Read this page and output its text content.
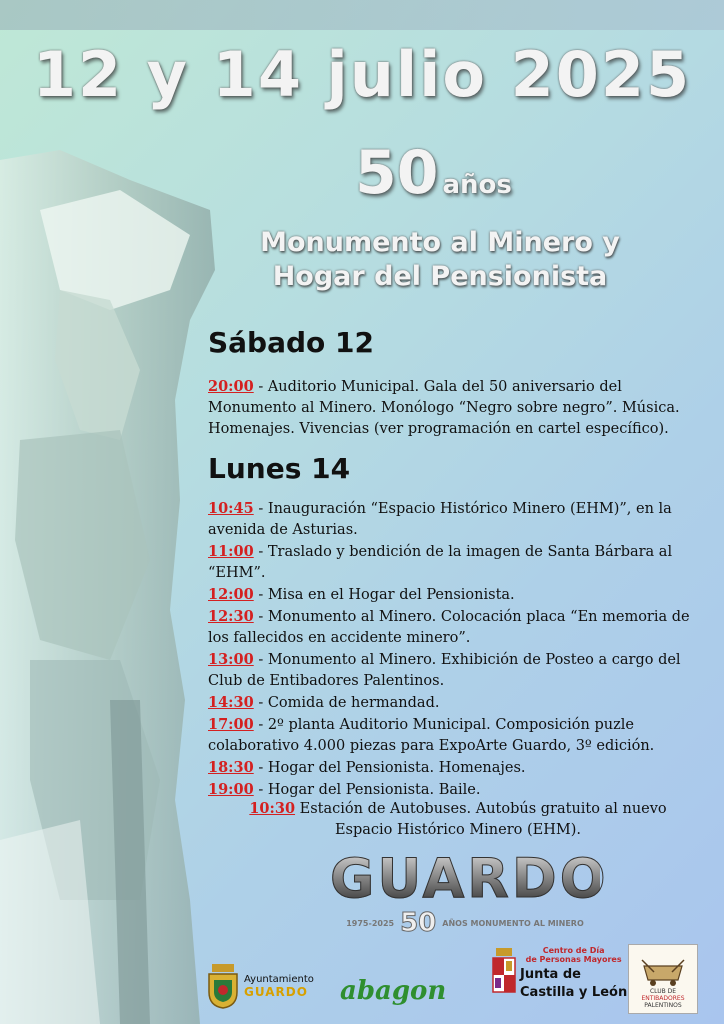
12 y 14 julio 2025
50 años
Monumento al Minero y
Hogar del Pensionista
Sábado 12

20:00 - Auditorio Municipal. Gala del 50 aniversario del Monumento al Minero. Monólogo “Negro sobre negro”. Música. Homenajes. Vivencias (ver programación en cartel específico).

Lunes 14

10:45 - Inauguración “Espacio Histórico Minero (EHM)”, en la avenida de Asturias.

11:00 - Traslado y bendición de la imagen de Santa Bárbara al “EHM”.

12:00 - Misa en el Hogar del Pensionista.

12:30 - Monumento al Minero. Colocación placa “En memoria de los fallecidos en accidente minero”.

13:00 - Monumento al Minero. Exhibición de Posteo a cargo del Club de Entibadores Palentinos.

14:30 - Comida de hermandad.

17:00 - 2º planta Auditorio Municipal. Composición puzle colaborativo 4.000 piezas para ExpoArte Guardo, 3º edición.

18:30 - Hogar del Pensionista. Homenajes.

19:00 - Hogar del Pensionista. Baile.

10:30 Estación de Autobuses. Autobús gratuito al nuevo
Espacio Histórico Minero (EHM).
GUARDO
1975-2025 50 AÑOS MONUMENTO AL MINERO
Ayuntamiento
GUARDO abagon
Centro de Día
de Personas Mayores
Junta de
Castilla y León	CLUB DE
ENTIBADORES
PALENTINOS
